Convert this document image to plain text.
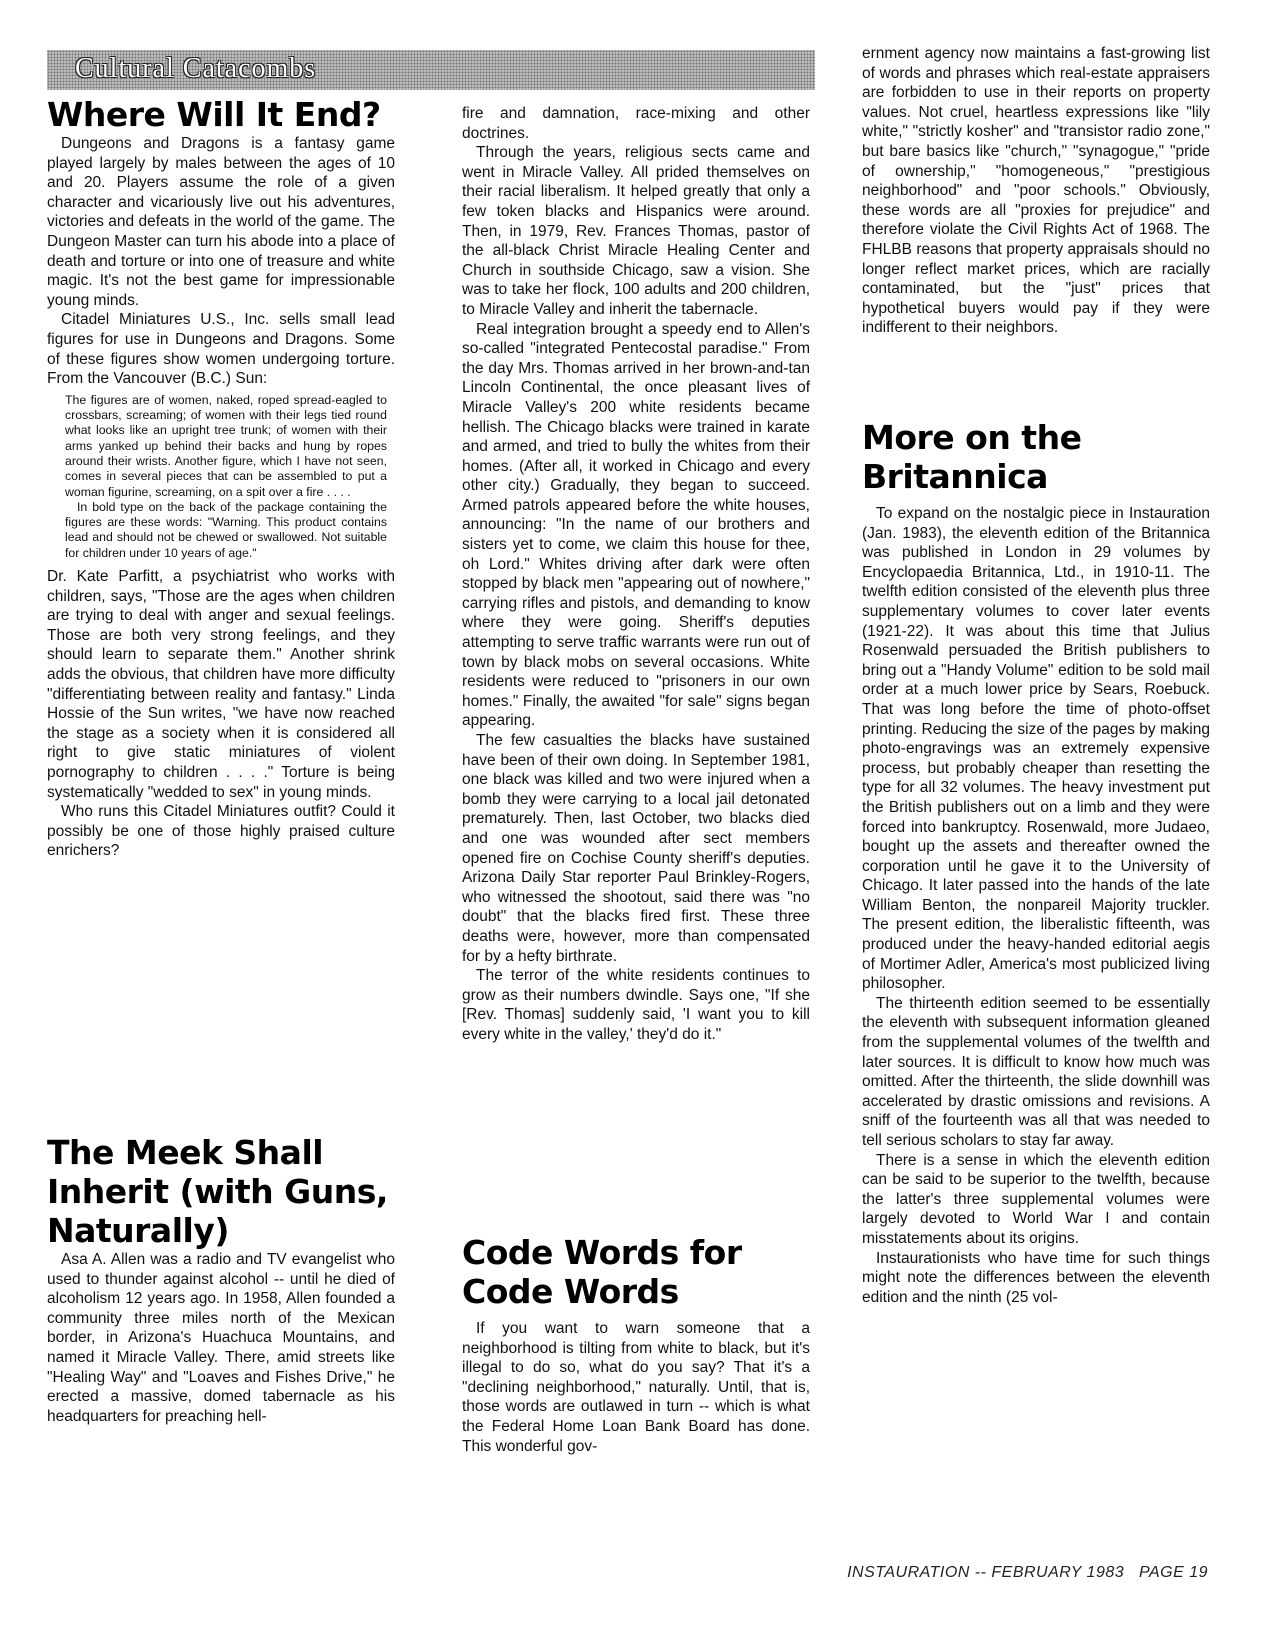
Cultural Catacombs
Where Will It End?

Dungeons and Dragons is a fantasy game played largely by males between the ages of 10 and 20. Players assume the role of a given character and vicariously live out his adventures, victories and defeats in the world of the game. The Dungeon Master can turn his abode into a place of death and torture or into one of treasure and white magic. It's not the best game for impressionable young minds.

Citadel Miniatures U.S., Inc. sells small lead figures for use in Dungeons and Dragons. Some of these figures show women undergoing torture. From the Vancouver (B.C.) Sun:

The figures are of women, naked, roped spread-eagled to crossbars, screaming; of women with their legs tied round what looks like an upright tree trunk; of women with their arms yanked up behind their backs and hung by ropes around their wrists. Another figure, which I have not seen, comes in several pieces that can be assembled to put a woman figurine, screaming, on a spit over a fire . . . .

In bold type on the back of the package containing the figures are these words: "Warning. This product contains lead and should not be chewed or swallowed. Not suitable for children under 10 years of age."

Dr. Kate Parfitt, a psychiatrist who works with children, says, "Those are the ages when children are trying to deal with anger and sexual feelings. Those are both very strong feelings, and they should learn to separate them." Another shrink adds the obvious, that children have more difficulty "differentiating between reality and fantasy." Linda Hossie of the Sun writes, "we have now reached the stage as a society when it is considered all right to give static miniatures of violent pornography to children . . . ." Torture is being systematically "wedded to sex" in young minds.

Who runs this Citadel Miniatures outfit? Could it possibly be one of those highly praised culture enrichers?

The Meek Shall Inherit (with Guns, Naturally)

Asa A. Allen was a radio and TV evangelist who used to thunder against alcohol -- until he died of alcoholism 12 years ago. In 1958, Allen founded a community three miles north of the Mexican border, in Arizona's Huachuca Mountains, and named it Miracle Valley. There, amid streets like "Healing Way" and "Loaves and Fishes Drive," he erected a massive, domed tabernacle as his headquarters for preaching hell-

fire and damnation, race-mixing and other doctrines.

Through the years, religious sects came and went in Miracle Valley. All prided themselves on their racial liberalism. It helped greatly that only a few token blacks and Hispanics were around. Then, in 1979, Rev. Frances Thomas, pastor of the all-black Christ Miracle Healing Center and Church in southside Chicago, saw a vision. She was to take her flock, 100 adults and 200 children, to Miracle Valley and inherit the tabernacle.

Real integration brought a speedy end to Allen's so-called "integrated Pentecostal paradise." From the day Mrs. Thomas arrived in her brown-and-tan Lincoln Continental, the once pleasant lives of Miracle Valley's 200 white residents became hellish. The Chicago blacks were trained in karate and armed, and tried to bully the whites from their homes. (After all, it worked in Chicago and every other city.) Gradually, they began to succeed. Armed patrols appeared before the white houses, announcing: "In the name of our brothers and sisters yet to come, we claim this house for thee, oh Lord." Whites driving after dark were often stopped by black men "appearing out of nowhere," carrying rifles and pistols, and demanding to know where they were going. Sheriff's deputies attempting to serve traffic warrants were run out of town by black mobs on several occasions. White residents were reduced to "prisoners in our own homes." Finally, the awaited "for sale" signs began appearing.

The few casualties the blacks have sustained have been of their own doing. In September 1981, one black was killed and two were injured when a bomb they were carrying to a local jail detonated prematurely. Then, last October, two blacks died and one was wounded after sect members opened fire on Cochise County sheriff's deputies. Arizona Daily Star reporter Paul Brinkley-Rogers, who witnessed the shootout, said there was "no doubt" that the blacks fired first. These three deaths were, however, more than compensated for by a hefty birthrate.

The terror of the white residents continues to grow as their numbers dwindle. Says one, "If she [Rev. Thomas] suddenly said, 'I want you to kill every white in the valley,' they'd do it."

Code Words for Code Words

If you want to warn someone that a neighborhood is tilting from white to black, but it's illegal to do so, what do you say? That it's a "declining neighborhood," naturally. Until, that is, those words are outlawed in turn -- which is what the Federal Home Loan Bank Board has done. This wonderful gov-

ernment agency now maintains a fast-growing list of words and phrases which real-estate appraisers are forbidden to use in their reports on property values. Not cruel, heartless expressions like "lily white," "strictly kosher" and "transistor radio zone," but bare basics like "church," "synagogue," "pride of ownership," "homogeneous," "prestigious neighborhood" and "poor schools." Obviously, these words are all "proxies for prejudice" and therefore violate the Civil Rights Act of 1968. The FHLBB reasons that property appraisals should no longer reflect market prices, which are racially contaminated, but the "just" prices that hypothetical buyers would pay if they were indifferent to their neighbors.

More on the Britannica

To expand on the nostalgic piece in Instauration (Jan. 1983), the eleventh edition of the Britannica was published in London in 29 volumes by Encyclopaedia Britannica, Ltd., in 1910-11. The twelfth edition consisted of the eleventh plus three supplementary volumes to cover later events (1921-22). It was about this time that Julius Rosenwald persuaded the British publishers to bring out a "Handy Volume" edition to be sold mail order at a much lower price by Sears, Roebuck. That was long before the time of photo-offset printing. Reducing the size of the pages by making photo-engravings was an extremely expensive process, but probably cheaper than resetting the type for all 32 volumes. The heavy investment put the British publishers out on a limb and they were forced into bankruptcy. Rosenwald, more Judaeo, bought up the assets and thereafter owned the corporation until he gave it to the University of Chicago. It later passed into the hands of the late William Benton, the nonpareil Majority truckler. The present edition, the liberalistic fifteenth, was produced under the heavy-handed editorial aegis of Mortimer Adler, America's most publicized living philosopher.

The thirteenth edition seemed to be essentially the eleventh with subsequent information gleaned from the supplemental volumes of the twelfth and later sources. It is difficult to know how much was omitted. After the thirteenth, the slide downhill was accelerated by drastic omissions and revisions. A sniff of the fourteenth was all that was needed to tell serious scholars to stay far away.

There is a sense in which the eleventh edition can be said to be superior to the twelfth, because the latter's three supplemental volumes were largely devoted to World War I and contain misstatements about its origins.

Instaurationists who have time for such things might note the differences between the eleventh edition and the ninth (25 vol-

INSTAURATION -- FEBRUARY 1983   PAGE 19
